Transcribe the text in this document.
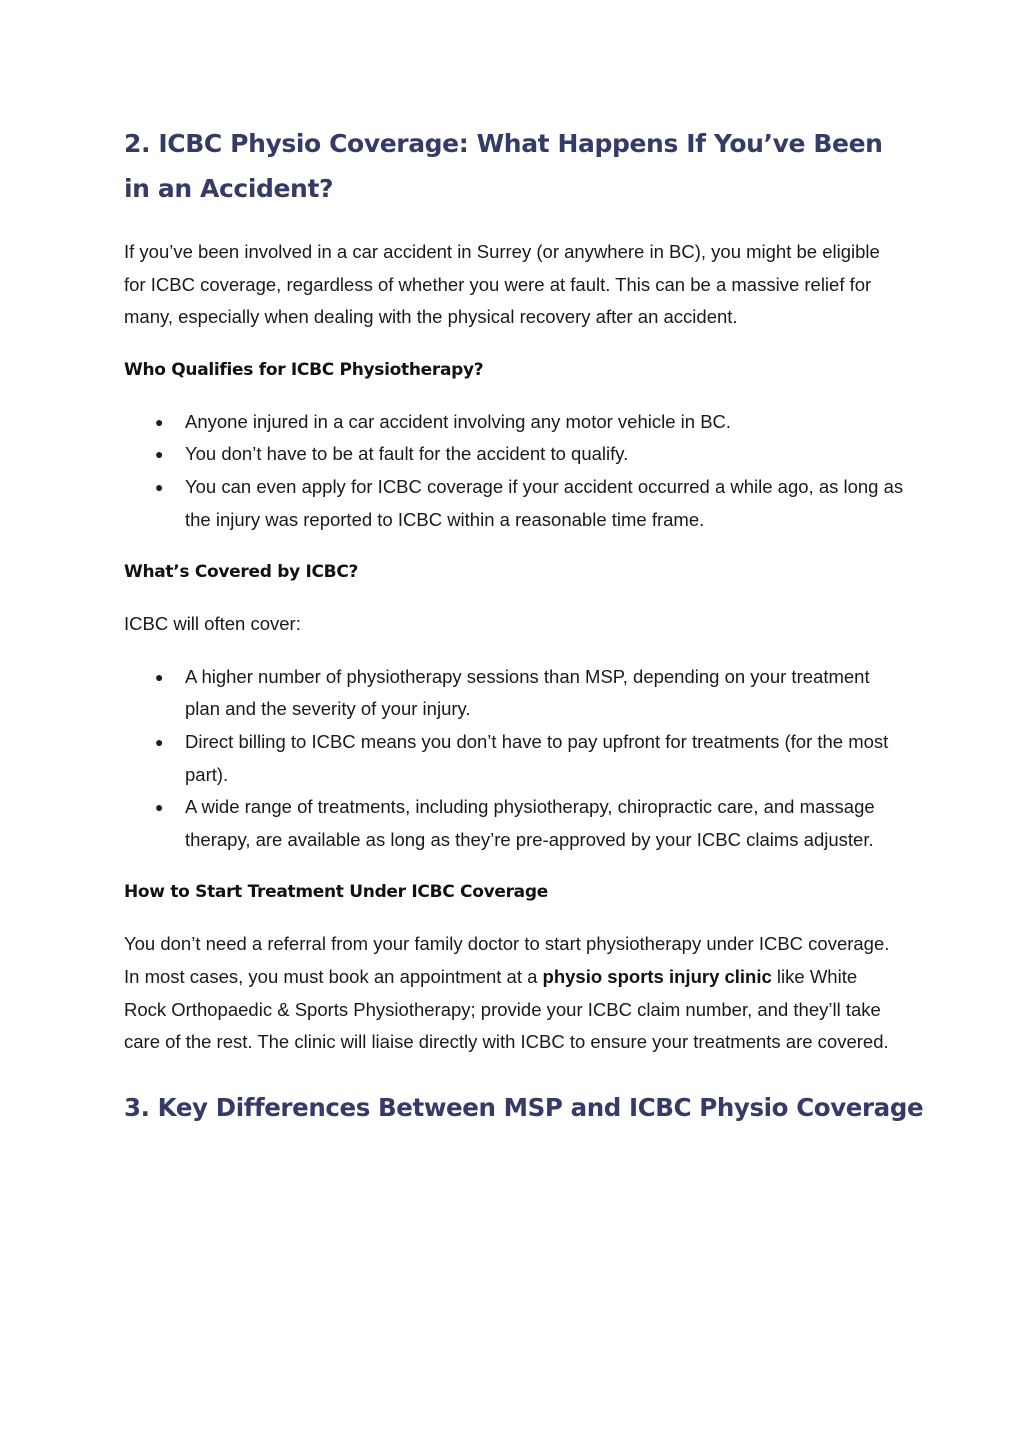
2. ICBC Physio Coverage: What Happens If You’ve Been in an Accident?

If you’ve been involved in a car accident in Surrey (or anywhere in BC), you might be eligible for ICBC coverage, regardless of whether you were at fault. This can be a massive relief for many, especially when dealing with the physical recovery after an accident.

Who Qualifies for ICBC Physiotherapy?
● Anyone injured in a car accident involving any motor vehicle in BC.
● You don’t have to be at fault for the accident to qualify.
● You can even apply for ICBC coverage if your accident occurred a while ago, as long as the injury was reported to ICBC within a reasonable time frame.
What’s Covered by ICBC?

ICBC will often cover:

● A higher number of physiotherapy sessions than MSP, depending on your treatment plan and the severity of your injury.
● Direct billing to ICBC means you don’t have to pay upfront for treatments (for the most part).
● A wide range of treatments, including physiotherapy, chiropractic care, and massage therapy, are available as long as they’re pre-approved by your ICBC claims adjuster.
How to Start Treatment Under ICBC Coverage

You don’t need a referral from your family doctor to start physiotherapy under ICBC coverage. In most cases, you must book an appointment at a physio sports injury clinic like White Rock Orthopaedic & Sports Physiotherapy; provide your ICBC claim number, and they’ll take care of the rest. The clinic will liaise directly with ICBC to ensure your treatments are covered.

3. Key Differences Between MSP and ICBC Physio Coverage
